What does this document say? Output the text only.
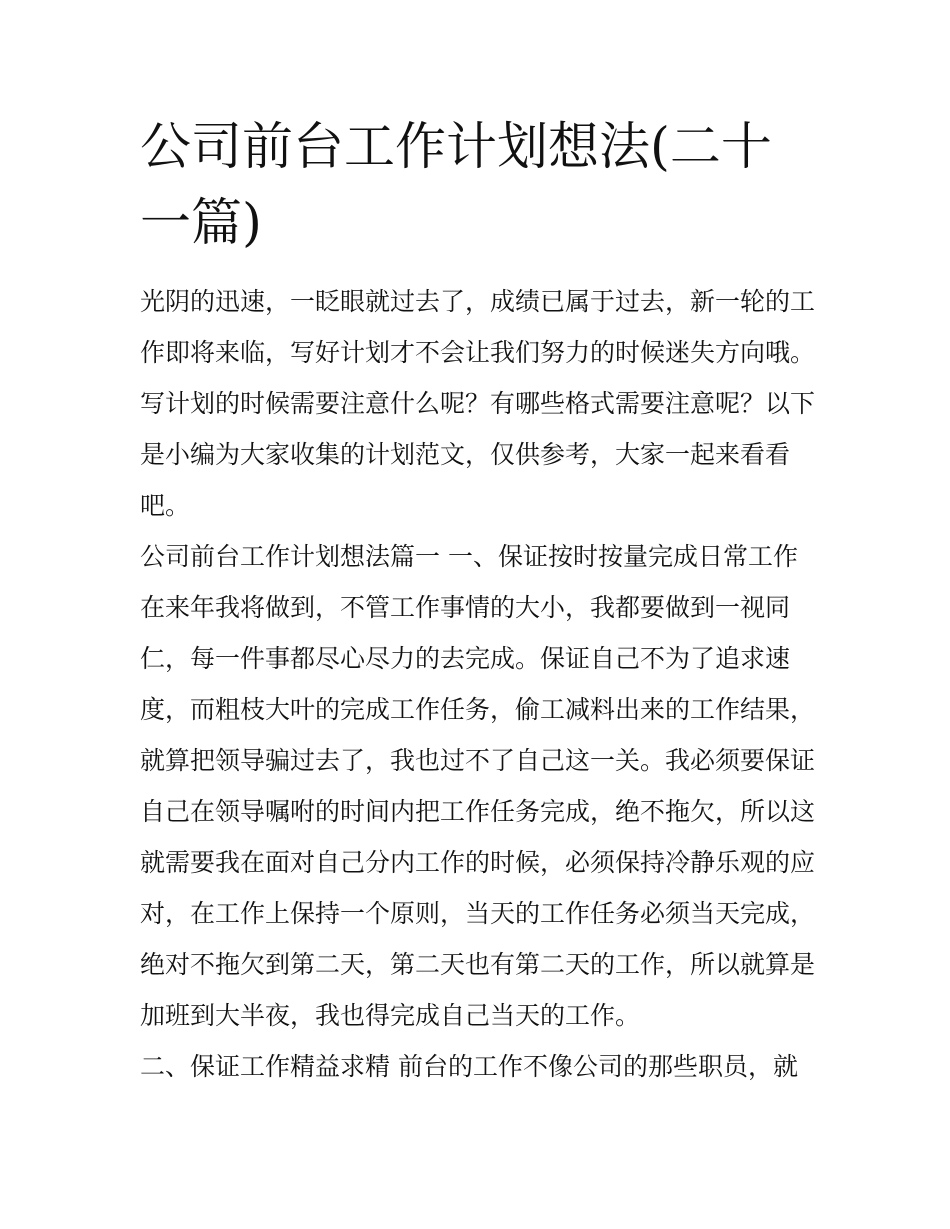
公司前台工作计划想法(二十一篇)

光阴的迅速，一眨眼就过去了，成绩已属于过去，新一轮的工作即将来临，写好计划才不会让我们努力的时候迷失方向哦。写计划的时候需要注意什么呢？有哪些格式需要注意呢？以下是小编为大家收集的计划范文，仅供参考，大家一起来看看吧。

公司前台工作计划想法篇一 一、保证按时按量完成日常工作 在来年我将做到，不管工作事情的大小，我都要做到一视同仁，每一件事都尽心尽力的去完成。保证自己不为了追求速度，而粗枝大叶的完成工作任务，偷工减料出来的工作结果，就算把领导骗过去了，我也过不了自己这一关。我必须要保证自己在领导嘱咐的时间内把工作任务完成，绝不拖欠，所以这就需要我在面对自己分内工作的时候，必须保持冷静乐观的应对，在工作上保持一个原则，当天的工作任务必须当天完成，绝对不拖欠到第二天，第二天也有第二天的工作，所以就算是加班到大半夜，我也得完成自己当天的工作。

二、保证工作精益求精 前台的工作不像公司的那些职员，就
